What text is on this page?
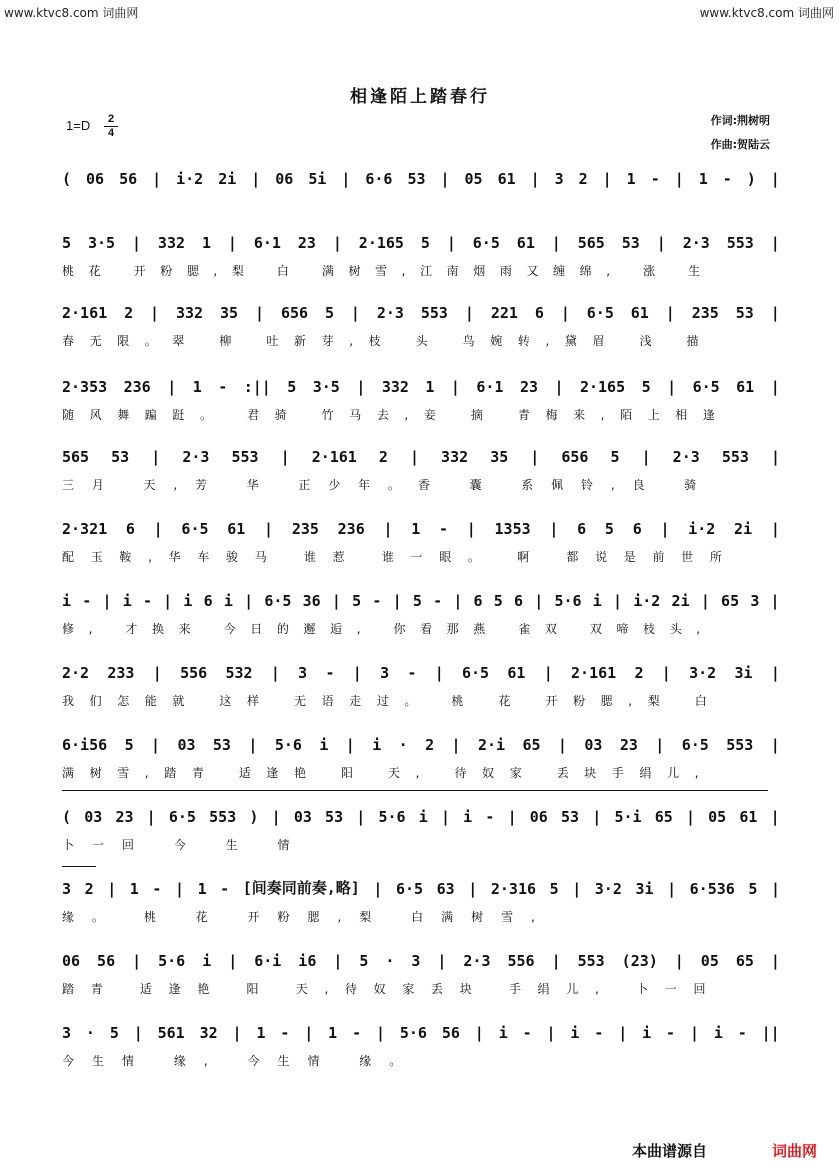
www.ktvc8.com 词曲网	www.ktvc8.com 词曲网
相逢陌上踏春行
1=D	2
4
作词:荆树明
作曲:贺陆云
( 06 56 | i·2 2i | 06 5i | 6·6 53 | 05 61 | 3 2 | 1 - | 1 - ) |
5 3·5 | 332 1 | 6·1 23 | 2·165 5 | 6·5 61 | 565 53 | 2·3 553 |
桃花 开粉腮,梨 白 满树雪,江南烟雨又缠绵, 涨 生
2·161 2 | 332 35 | 656 5 | 2·3 553 | 221 6 | 6·5 61 | 235 53 |
春无限。翠 柳 吐新芽,枝 头 鸟婉转,黛眉 浅 描
2·353 236 | 1 - :|| 5 3·5 | 332 1 | 6·1 23 | 2·165 5 | 6·5 61 |
随风舞蹁跹。 君骑 竹马去,妾 摘 青梅来,陌上相逢
565 53 | 2·3 553 | 2·161 2 | 332 35 | 656 5 | 2·3 553 |
三月 天,芳 华 正少年。香 囊 系佩铃,良 骑
2·321 6 | 6·5 61 | 235 236 | 1 - | 1353 | 6 5 6 | i·2 2i |
配玉鞍,华车骏马 谁惹 谁一眼。 啊 都说是前世所
i - | i - | i 6 i | 6·5 36 | 5 - | 5 - | 6 5 6 | 5·6 i | i·2 2i | 65 3 |
修, 才换来 今日的邂逅, 你看那燕 雀双 双啼枝头,
2·2 233 | 556 532 | 3 - | 3 - | 6·5 61 | 2·161 2 | 3·2 3i |
我们怎能就 这样 无语走过。 桃 花 开粉腮,梨 白
6·i56 5 | 03 53 | 5·6 i | i · 2 | 2·i 65 | 03 23 | 6·5 553 |
满树雪,踏青 适逢艳 阳 天, 待奴家 丢块手绢儿,
( 03 23 | 6·5 553 ) | 03 53 | 5·6 i | i - | 06 53 | 5·i 65 | 05 61 |
卜一回 今 生 情
3 2 | 1 - | 1 - [间奏同前奏,略] | 6·5 63 | 2·316 5 | 3·2 3i | 6·536 5 |
缘。 桃 花 开粉腮,梨 白满树雪,
06 56 | 5·6 i | 6·i i6 | 5 · 3 | 2·3 556 | 553 (23) | 05 65 |
踏青 适逢艳 阳 天,待奴家丢块 手绢儿, 卜一回
3 · 5 | 561 32 | 1 - | 1 - | 5·6 56 | i - | i - | i - | i - ||
今生情 缘, 今生情 缘。
本曲谱源自	词曲网
